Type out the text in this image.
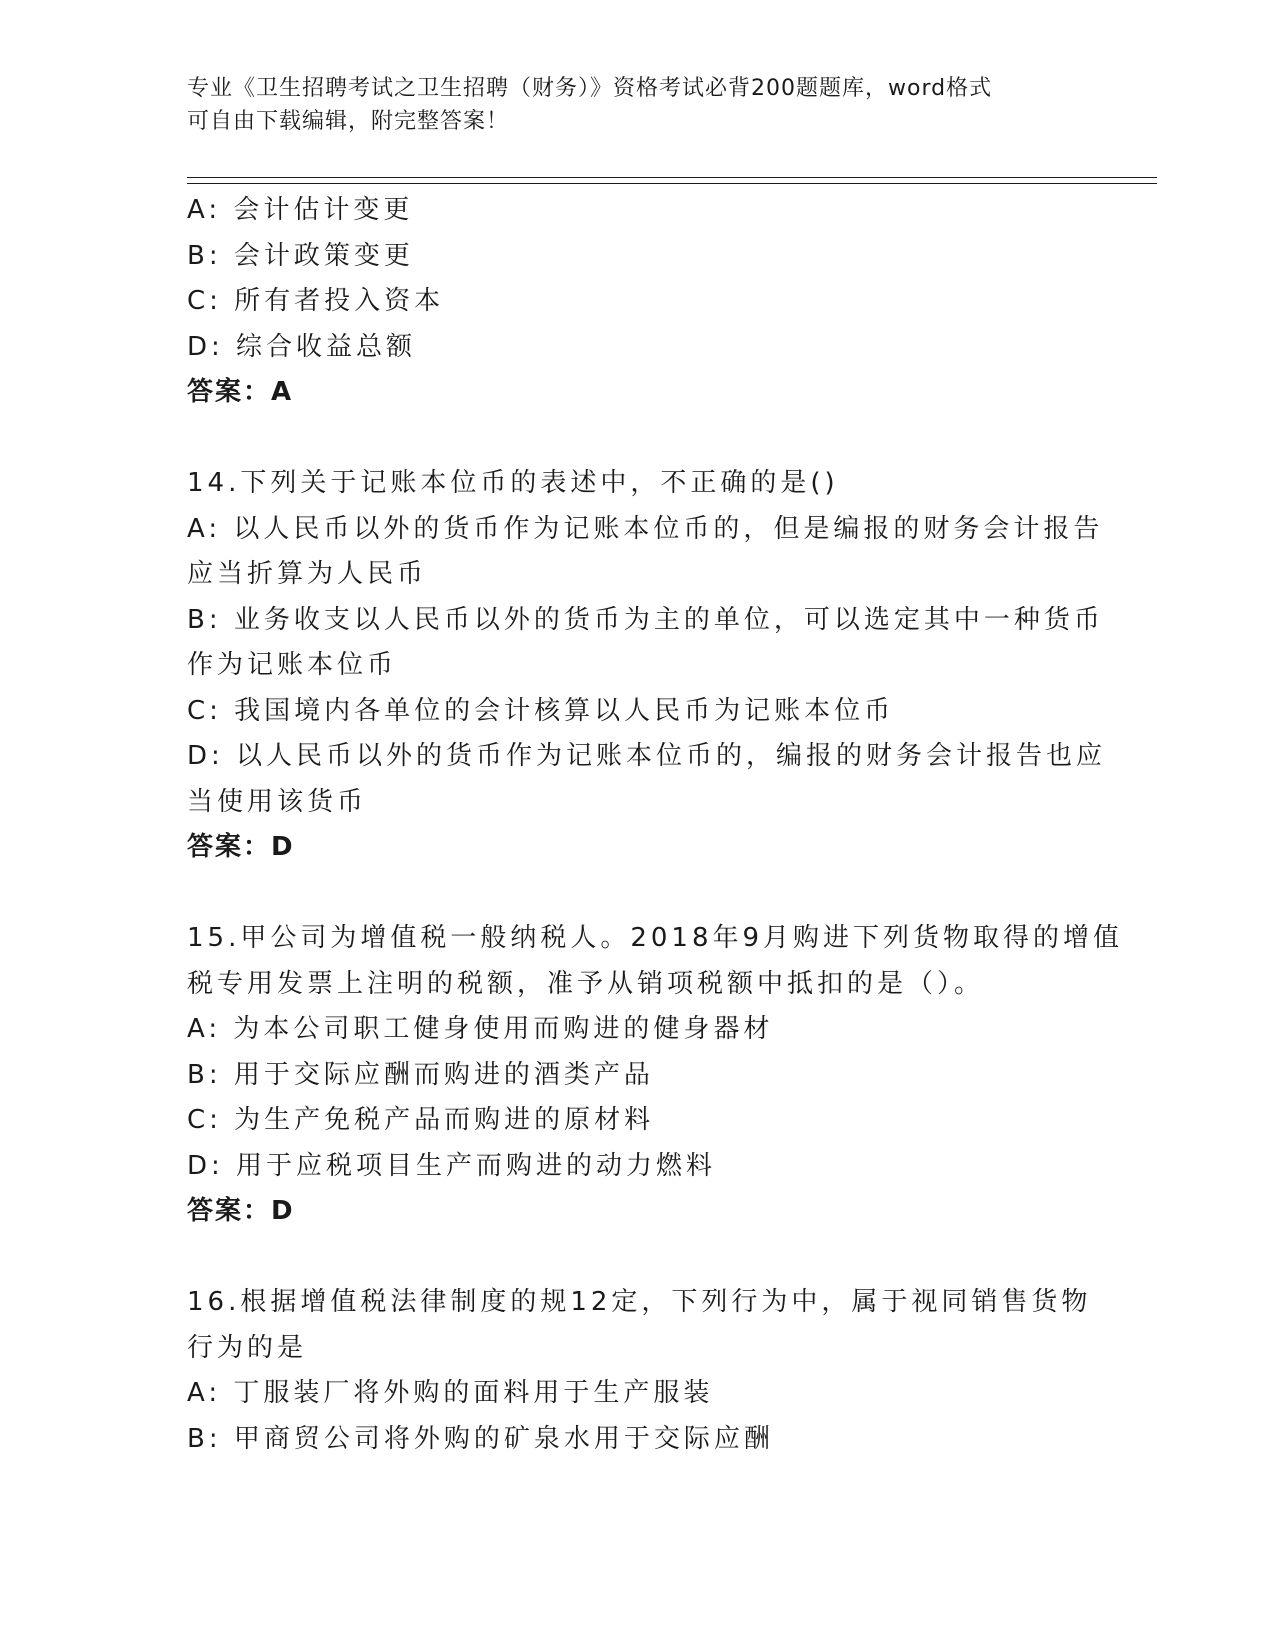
专业《卫生招聘考试之卫生招聘（财务）》资格考试必背200题题库，word格式
可自由下载编辑，附完整答案！
A: 会计估计变更
B: 会计政策变更
C: 所有者投入资本
D: 综合收益总额
答案：A
14.下列关于记账本位币的表述中，不正确的是()
A: 以人民币以外的货币作为记账本位币的，但是编报的财务会计报告
应当折算为人民币
B: 业务收支以人民币以外的货币为主的单位，可以选定其中一种货币
作为记账本位币
C: 我国境内各单位的会计核算以人民币为记账本位币
D: 以人民币以外的货币作为记账本位币的，编报的财务会计报告也应
当使用该货币
答案：D
15.甲公司为增值税一般纳税人。2018年9月购进下列货物取得的增值
税专用发票上注明的税额，准予从销项税额中抵扣的是（）。
A: 为本公司职工健身使用而购进的健身器材
B: 用于交际应酬而购进的酒类产品
C: 为生产免税产品而购进的原材料
D: 用于应税项目生产而购进的动力燃料
答案：D
16.根据增值税法律制度的规12定，下列行为中，属于视同销售货物
行为的是
A: 丁服装厂将外购的面料用于生产服装
B: 甲商贸公司将外购的矿泉水用于交际应酬
